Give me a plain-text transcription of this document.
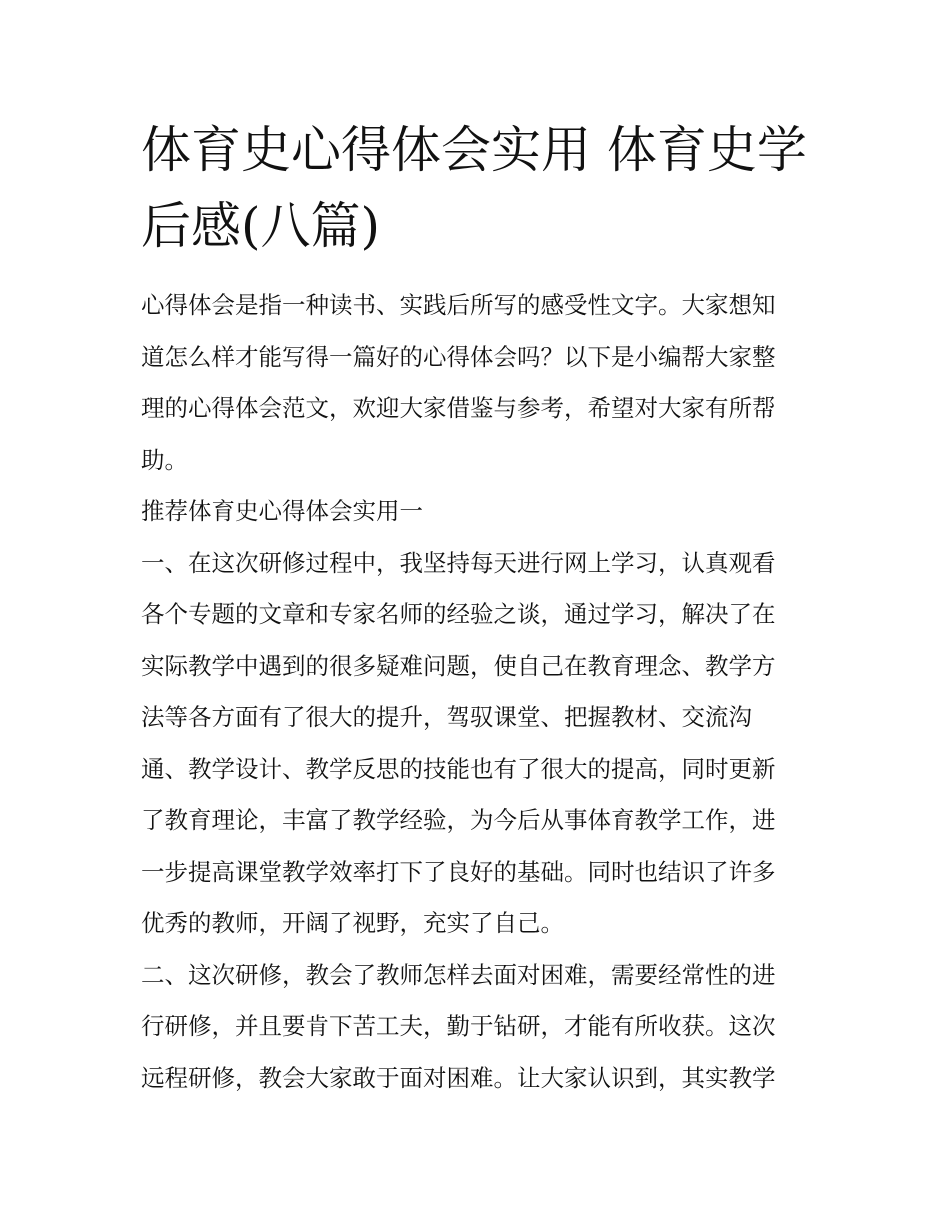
体育史心得体会实用 体育史学
后感(八篇)
心得体会是指一种读书、实践后所写的感受性文字。大家想知
道怎么样才能写得一篇好的心得体会吗？以下是小编帮大家整
理的心得体会范文，欢迎大家借鉴与参考，希望对大家有所帮
助。
推荐体育史心得体会实用一
一、在这次研修过程中，我坚持每天进行网上学习，认真观看
各个专题的文章和专家名师的经验之谈，通过学习，解决了在
实际教学中遇到的很多疑难问题，使自己在教育理念、教学方
法等各方面有了很大的提升，驾驭课堂、把握教材、交流沟
通、教学设计、教学反思的技能也有了很大的提高，同时更新
了教育理论，丰富了教学经验，为今后从事体育教学工作，进
一步提高课堂教学效率打下了良好的基础。同时也结识了许多
优秀的教师，开阔了视野，充实了自己。
二、这次研修，教会了教师怎样去面对困难，需要经常性的进
行研修，并且要肯下苦工夫，勤于钻研，才能有所收获。这次
远程研修，教会大家敢于面对困难。让大家认识到，其实教学
